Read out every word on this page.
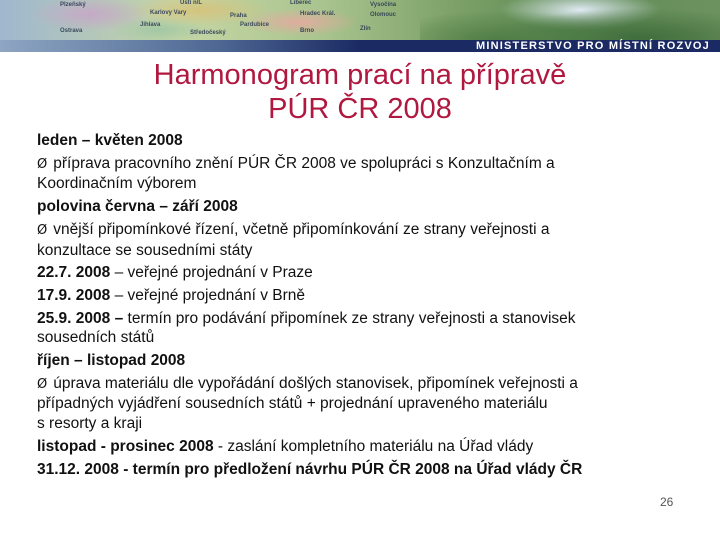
Plzeňský	Ústí n/L	Liberec	Vysočina
Karlovy Vary	Hradec Král.	Olomouc
Praha
Pardubice
Jihlava
Brno	Zlín
Ostrava	Středočeský
MINISTERSTVO PRO MÍSTNÍ ROZVOJ
Harmonogram prací na přípravě
PÚR ČR 2008
leden – květen 2008
Ø příprava pracovního znění PÚR ČR 2008 ve spolupráci s Konzultačním a
Koordinačním výborem
polovina června – září 2008
Ø vnější připomínkové řízení, včetně připomínkování ze strany veřejnosti a
konzultace se sousedními státy
22.7. 2008 – veřejné projednání v Praze
17.9. 2008 – veřejné projednání v Brně
25.9. 2008 – termín pro podávání připomínek ze strany veřejnosti a stanovisek
sousedních států
říjen – listopad 2008
Ø úprava materiálu dle vypořádání došlých stanovisek, připomínek veřejnosti a
případných vyjádření sousedních států + projednání upraveného materiálu
s resorty a kraji
listopad - prosinec 2008 - zaslání kompletního materiálu na Úřad vlády
31.12. 2008 - termín pro předložení návrhu PÚR ČR 2008 na Úřad vlády ČR
26
